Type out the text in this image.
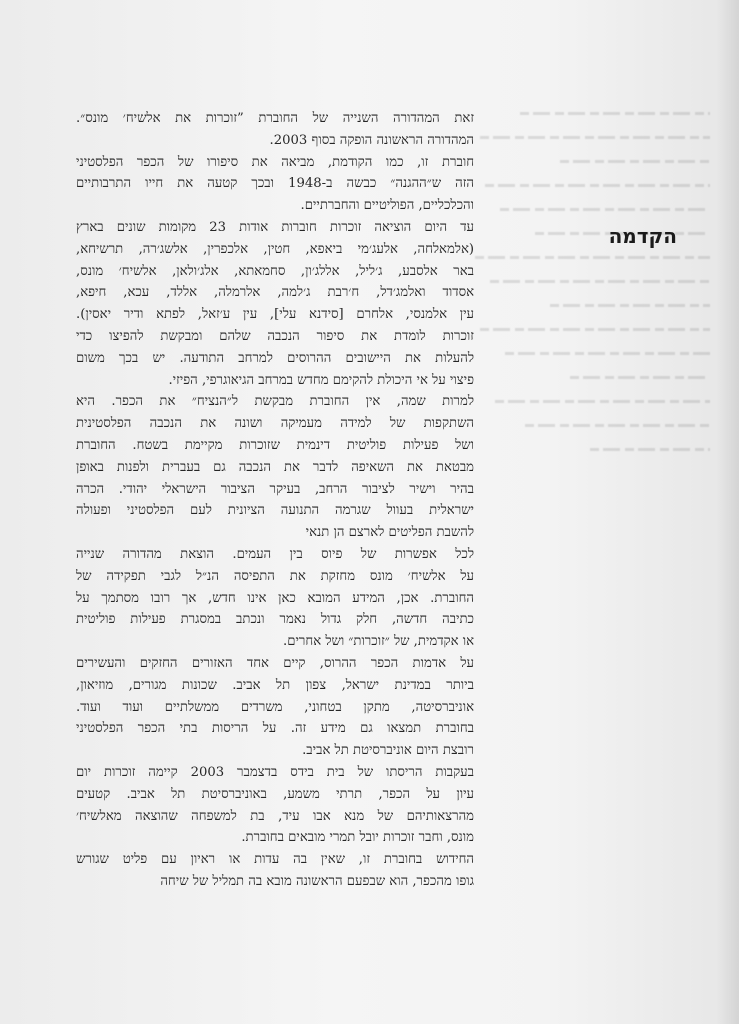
הקדמה

זאת המהדורה השנייה של החוברת ”זוכרות את אלשיח׳ מונס״.
המהדורה הראשונה הופקה בסוף 2003.

חוברת זו, כמו הקודמת, מביאה את סיפורו של הכפר הפלסטיני
הזה ש״ההגנה״ כבשה ב-1948 ובכך קטעה את חייו התרבותיים
והכלכליים, הפוליטיים והחברתיים.

עד היום הוציאה זוכרות חוברות אודות 23 מקומות שונים בארץ
(אלמאלחה, אלעג׳מי ביאפא, חטין, אלכפרין, אלשג׳רה, תרשיחא,
באר אלסבע, ג׳ליל, אללג׳ון, סחמאתא, אלג׳ולאן, אלשיח׳ מונס,
אסדוד ואלמג׳דל, ח׳רבת ג׳למה, אלרמלה, אללד, עכא, חיפא,
עין אלמנסי, אלחרם [סידנא עלי], עין ע׳זאל, לפתא ודיר יאסין).
זוכרות לומדת את סיפור הנכבה שלהם ומבקשת להפיצו כדי
להעלות את היישובים ההרוסים למרחב התודעה. יש בכך משום
פיצוי על אי היכולת להקימם מחדש במרחב הגיאוגרפי, הפיזי.

למרות שמה, אין החוברת מבקשת ל״הנציח״ את הכפר. היא
השתקפות של למידה מעמיקה ושונה את הנכבה הפלסטינית
ושל פעילות פוליטית דינמית שזוכרות מקיימת בשטח. החוברת
מבטאת את השאיפה לדבר את הנכבה גם בעברית ולפנות באופן
בהיר וישיר לציבור הרחב, בעיקר הציבור הישראלי יהודי. הכרה
ישראלית בעוול שגרמה התנועה הציונית לעם הפלסטיני ופעולה
להשבת הפליטים לארצם הן תנאי

לכל אפשרות של פיוס בין העמים. הוצאת מהדורה שנייה
על אלשיח׳ מונס מחזקת את התפיסה הנ״ל לגבי תפקידה של
החוברת. אכן, המידע המובא כאן אינו חדש, אך רובו מסתמך על
כתיבה חדשה, חלק גדול נאמר ונכתב במסגרת פעילות פוליטית
או אקדמית, של ״זוכרות״ ושל אחרים.

על אדמות הכפר ההרוס, קיים אחד האזורים החזקים והעשירים
ביותר במדינת ישראל, צפון תל אביב. שכונות מגורים, מוזיאון,
אוניברסיטה, מתקן בטחוני, משרדים ממשלתיים ועוד ועוד.
בחוברת תמצאו גם מידע זה. על הריסות בתי הכפר הפלסטיני
רובצת היום אוניברסיטת תל אביב.

בעקבות הריסתו של בית בידס בדצמבר 2003 קיימה זוכרות יום
עיון על הכפר, תרתי משמע, באוניברסיטת תל אביב. קטעים
מהרצאותיהם של מנא אבו עיד, בת למשפחה שהוצאה מאלשיח׳
מונס, וחבר זוכרות יובל תמרי מובאים בחוברת.

החידוש בחוברת זו, שאין בה עדות או ראיון עם פליט שגורש
גופו מהכפר, הוא שבפעם הראשונה מובא בה תמליל של שיחה
